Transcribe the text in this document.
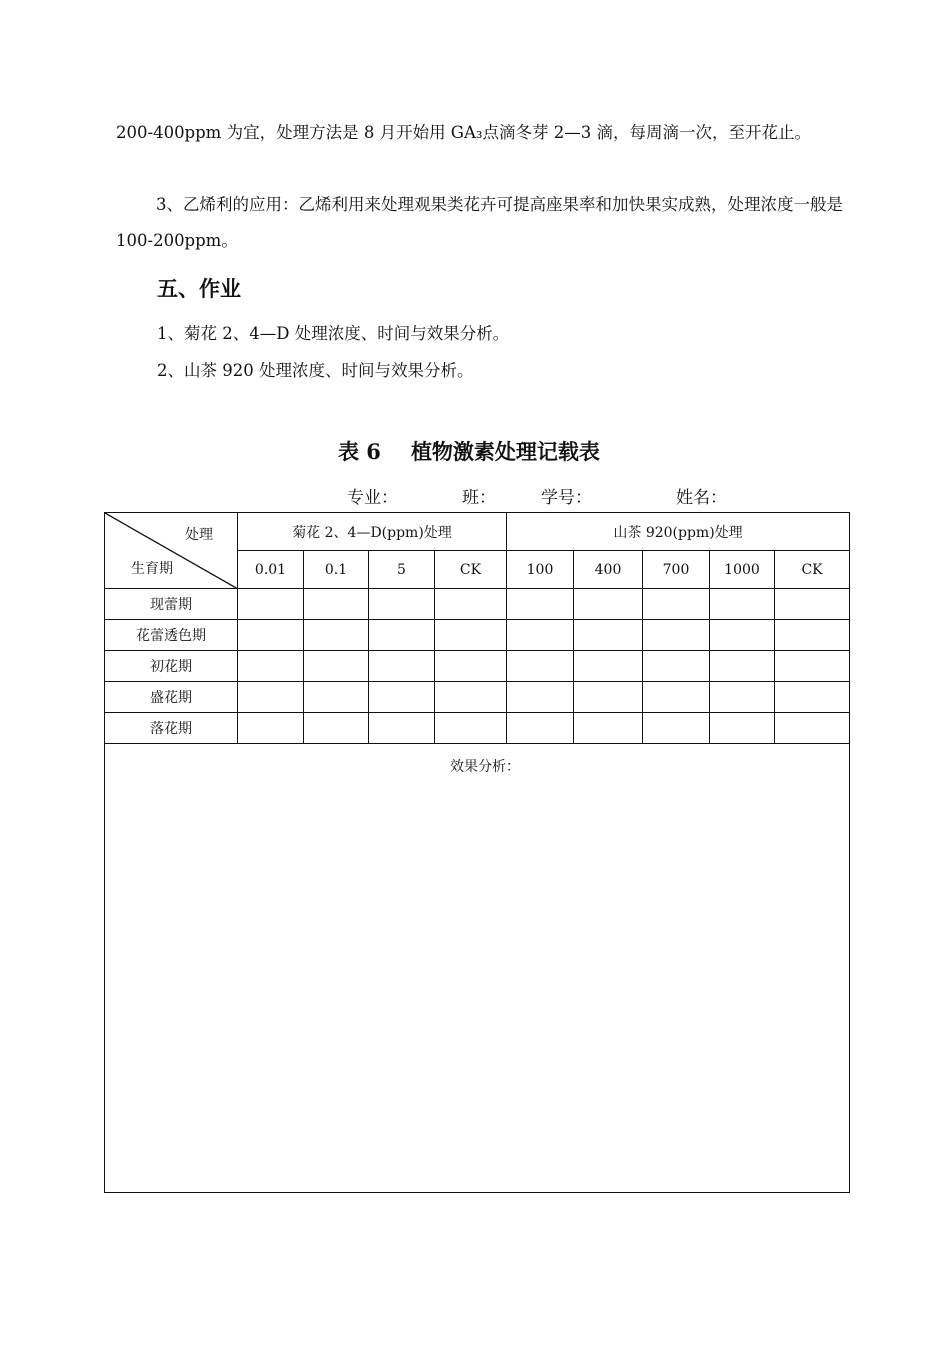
200-400ppm 为宜，处理方法是 8 月开始用 GA₃点滴冬芽 2—3 滴，每周滴一次，至开花止。

3、乙烯利的应用：乙烯利用来处理观果类花卉可提高座果率和加快果实成熟，处理浓度一般是 100-200ppm。

五、作业

1、菊花 2、4—D 处理浓度、时间与效果分析。

2、山茶 920 处理浓度、时间与效果分析。

表 6 植物激素处理记载表

专业：	班：	学号：	姓名：

处理
生育期	菊花 2、4—D(ppm)处理				山茶 920(ppm)处理				
	0.01	0.1	5	CK	100	400	700	1000	CK
现蕾期									
花蕾透色期									
初花期									
盛花期									
落花期									

效果分析：									
